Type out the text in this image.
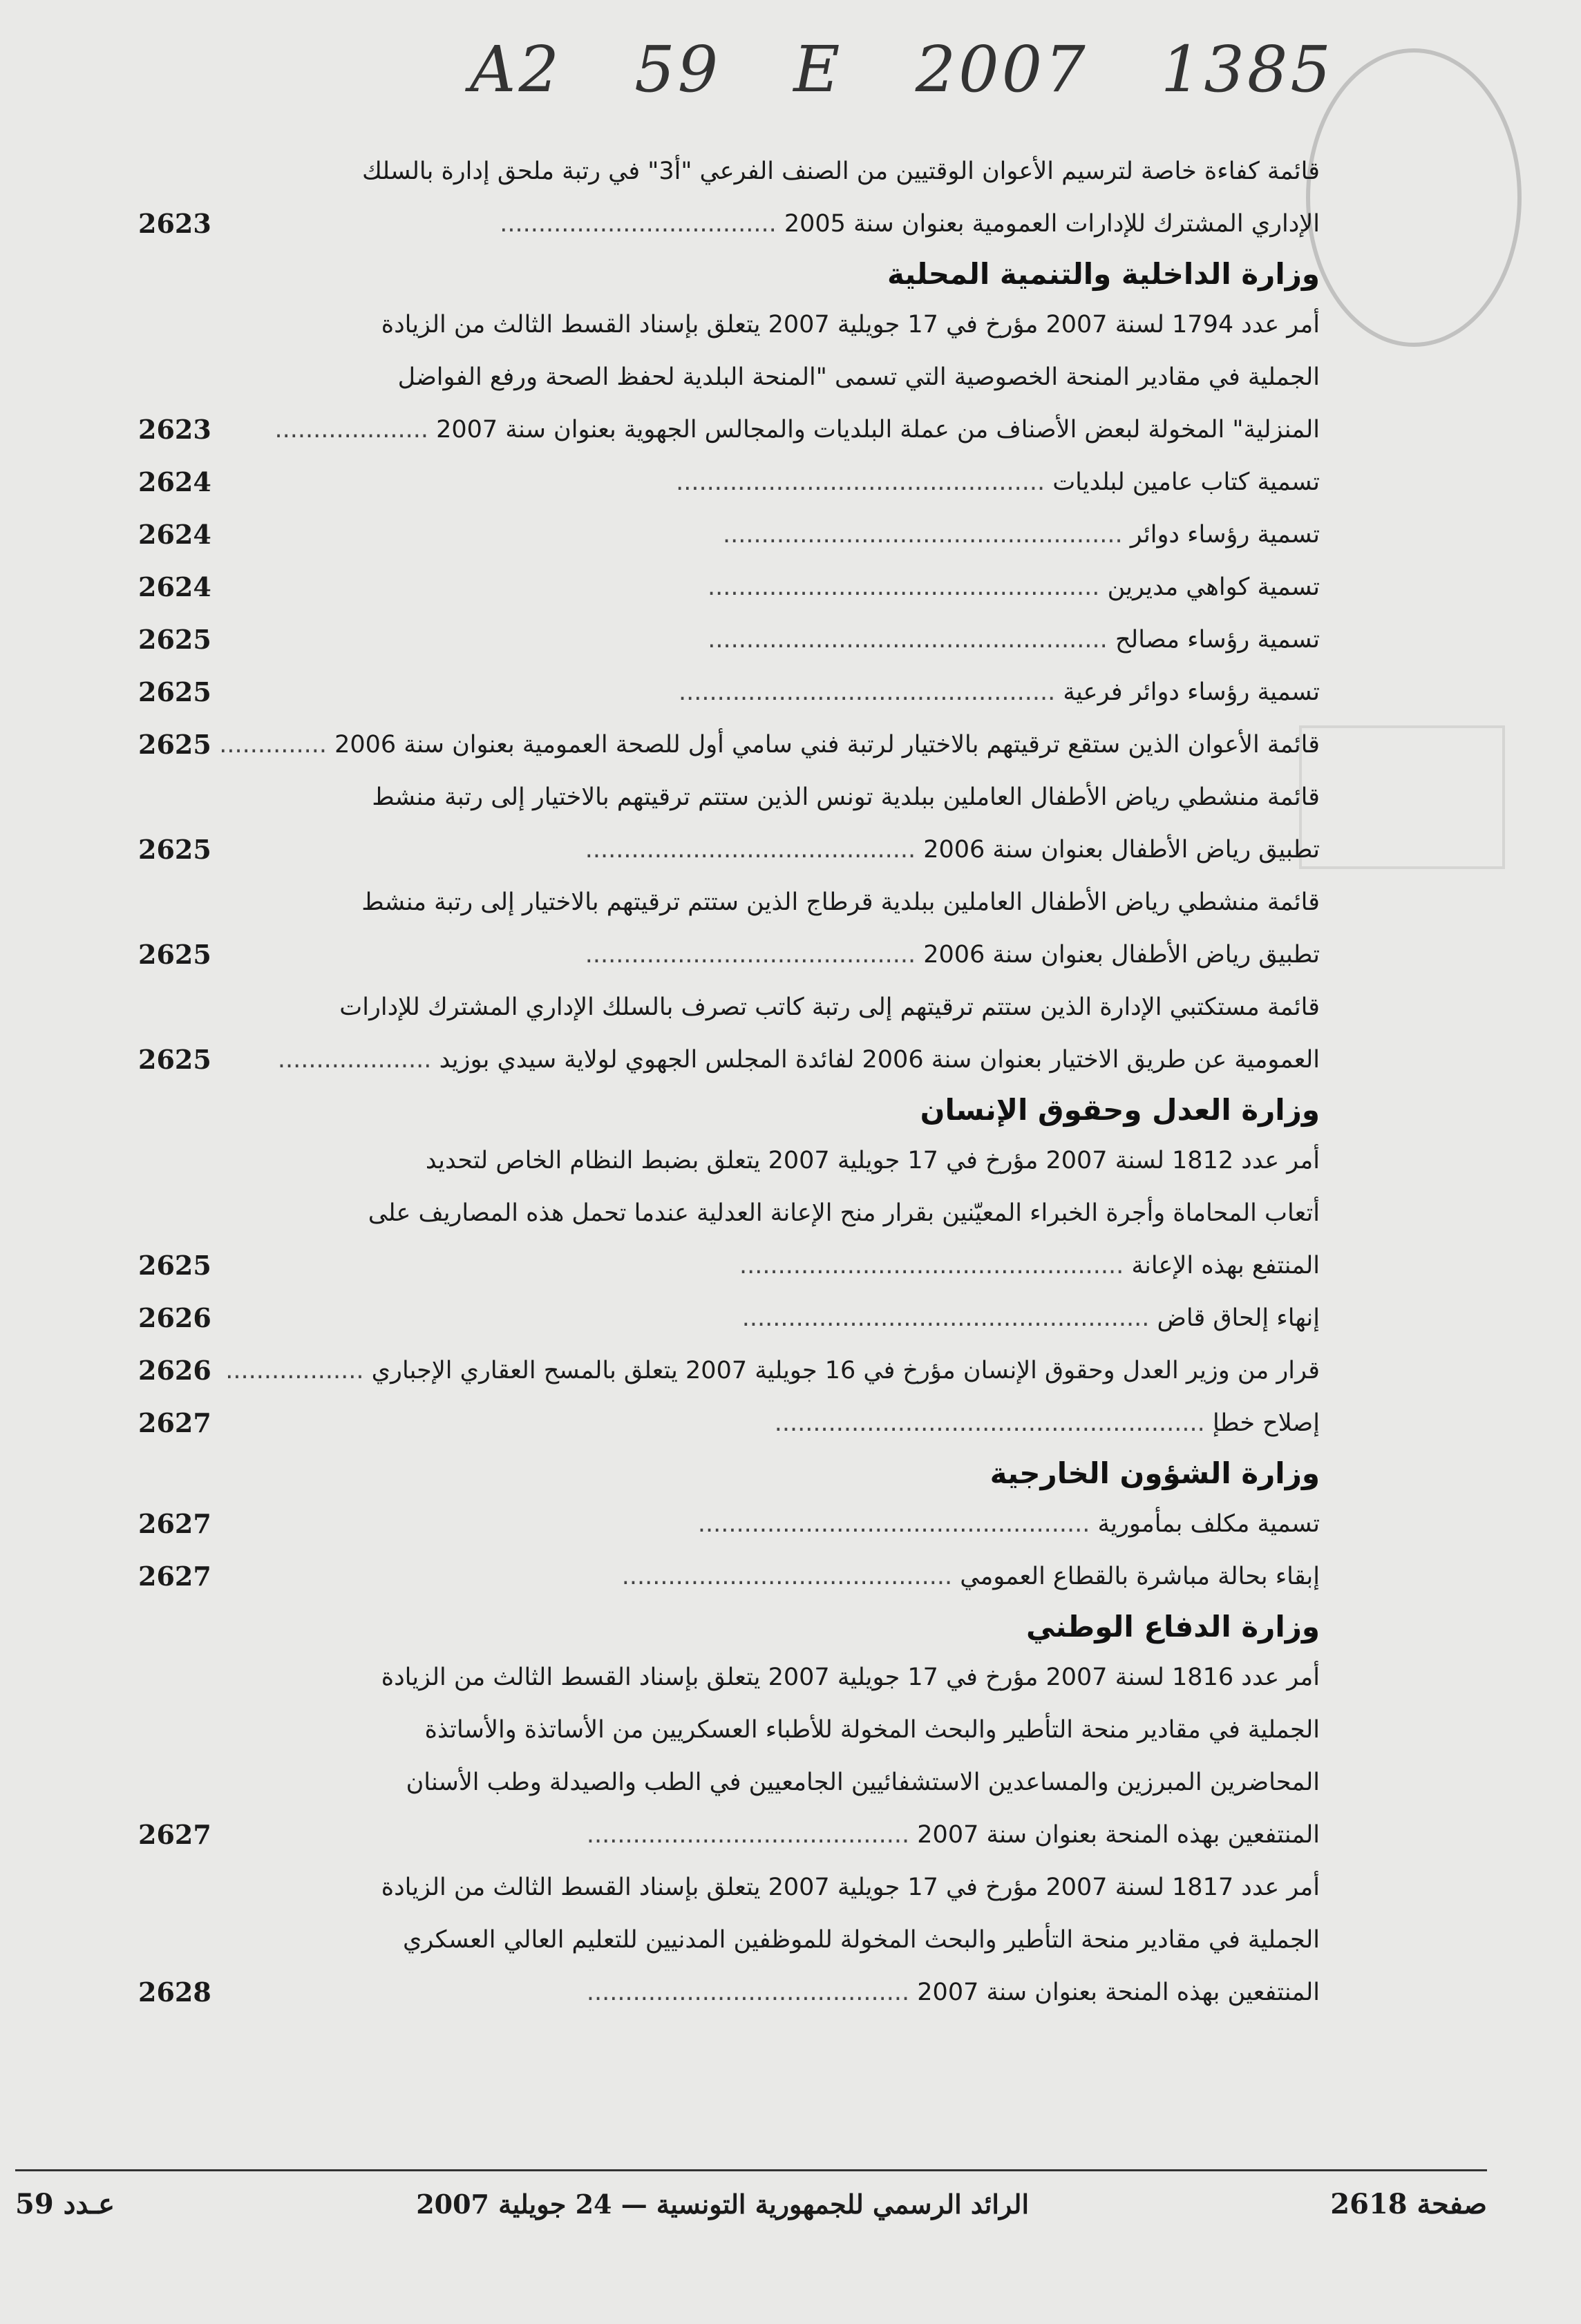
A2 59 E 2007 1385
قائمة كفاءة خاصة لترسيم الأعوان الوقتيين من الصنف الفرعي "أ3" في رتبة ملحق إدارة بالسلك
الإداري المشترك للإدارات العمومية بعنوان سنة 2005 ....................................
2623
وزارة الداخلية والتنمية المحلية
أمر عدد 1794 لسنة 2007 مؤرخ في 17 جويلية 2007 يتعلق بإسناد القسط الثالث من الزيادة
الجملية في مقادير المنحة الخصوصية التي تسمى "المنحة البلدية لحفظ الصحة ورفع الفواضل
المنزلية" المخولة لبعض الأصناف من عملة البلديات والمجالس الجهوية بعنوان سنة 2007 ....................
2623
تسمية كتاب عامين لبلديات ................................................
2624
تسمية رؤساء دوائر ....................................................
2624
تسمية كواهي مديرين ...................................................
2624
تسمية رؤساء مصالح ....................................................
2625
تسمية رؤساء دوائر فرعية .................................................
2625
قائمة الأعوان الذين ستقع ترقيتهم بالاختيار لرتبة فني سامي أول للصحة العمومية بعنوان سنة 2006 ..............
2625
قائمة منشطي رياض الأطفال العاملين ببلدية تونس الذين ستتم ترقيتهم بالاختيار إلى رتبة منشط
تطبيق رياض الأطفال بعنوان سنة 2006 ...........................................
2625
قائمة منشطي رياض الأطفال العاملين ببلدية قرطاج الذين ستتم ترقيتهم بالاختيار إلى رتبة منشط
تطبيق رياض الأطفال بعنوان سنة 2006 ...........................................
2625
قائمة مستكتبي الإدارة الذين ستتم ترقيتهم إلى رتبة كاتب تصرف بالسلك الإداري المشترك للإدارات
العمومية عن طريق الاختيار بعنوان سنة 2006 لفائدة المجلس الجهوي لولاية سيدي بوزيد ....................
2625
وزارة العدل وحقوق الإنسان
أمر عدد 1812 لسنة 2007 مؤرخ في 17 جويلية 2007 يتعلق بضبط النظام الخاص لتحديد
أتعاب المحاماة وأجرة الخبراء المعيّنين بقرار منح الإعانة العدلية عندما تحمل هذه المصاريف على
المنتفع بهذه الإعانة ..................................................
2625
إنهاء إلحاق قاض .....................................................
2626
قرار من وزير العدل وحقوق الإنسان مؤرخ في 16 جويلية 2007 يتعلق بالمسح العقاري الإجباري ..................
2626
إصلاح خطإ ........................................................
2627
وزارة الشؤون الخارجية
تسمية مكلف بمأمورية ...................................................
2627
إبقاء بحالة مباشرة بالقطاع العمومي ...........................................
2627
وزارة الدفاع الوطني
أمر عدد 1816 لسنة 2007 مؤرخ في 17 جويلية 2007 يتعلق بإسناد القسط الثالث من الزيادة
الجملية في مقادير منحة التأطير والبحث المخولة للأطباء العسكريين من الأساتذة والأساتذة
المحاضرين المبرزين والمساعدين الاستشفائيين الجامعيين في الطب والصيدلة وطب الأسنان
المنتفعين بهذه المنحة بعنوان سنة 2007 ..........................................
2627
أمر عدد 1817 لسنة 2007 مؤرخ في 17 جويلية 2007 يتعلق بإسناد القسط الثالث من الزيادة
الجملية في مقادير منحة التأطير والبحث المخولة للموظفين المدنيين للتعليم العالي العسكري
المنتفعين بهذه المنحة بعنوان سنة 2007 ..........................................
2628
صفحة 2618
الرائد الرسمي للجمهورية التونسية — 24 جويلية 2007
عـدد 59
